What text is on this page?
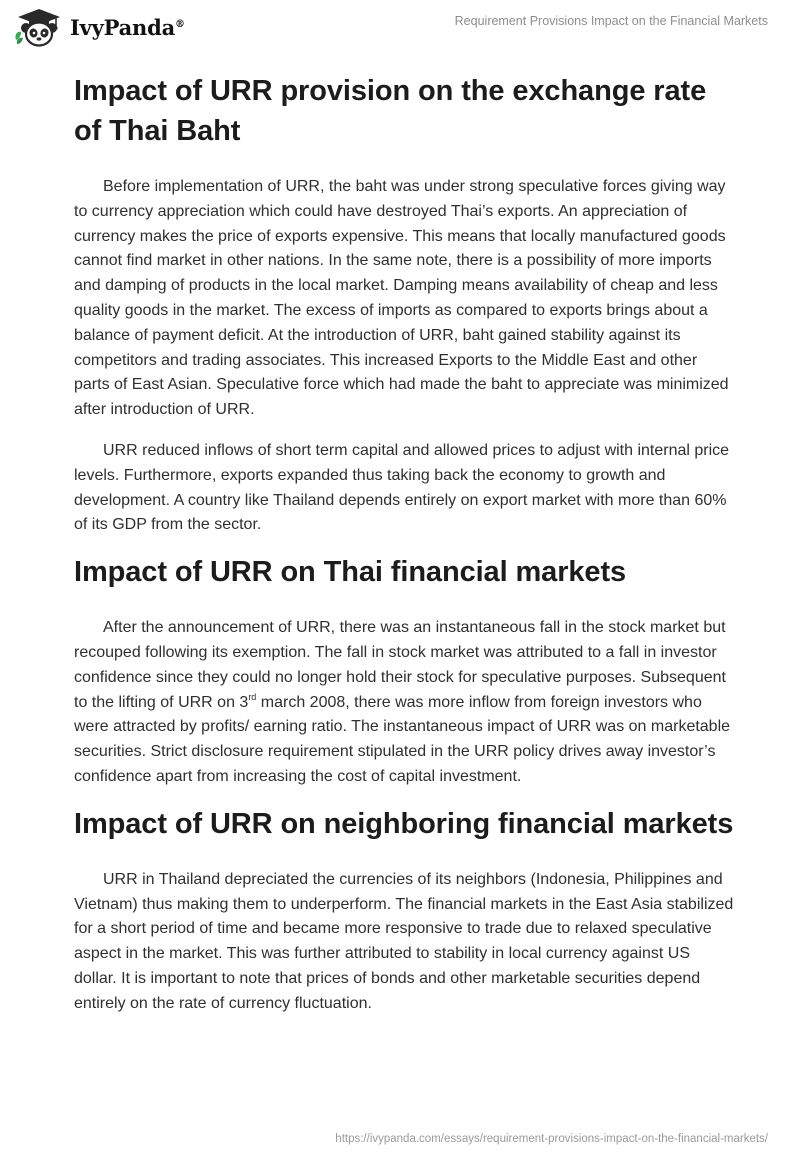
IvyPanda®	Requirement Provisions Impact on the Financial Markets
Impact of URR provision on the exchange rate of Thai Baht

Before implementation of URR, the baht was under strong speculative forces giving way to currency appreciation which could have destroyed Thai’s exports. An appreciation of currency makes the price of exports expensive. This means that locally manufactured goods cannot find market in other nations. In the same note, there is a possibility of more imports and damping of products in the local market. Damping means availability of cheap and less quality goods in the market. The excess of imports as compared to exports brings about a balance of payment deficit. At the introduction of URR, baht gained stability against its competitors and trading associates. This increased Exports to the Middle East and other parts of East Asian. Speculative force which had made the baht to appreciate was minimized after introduction of URR.

URR reduced inflows of short term capital and allowed prices to adjust with internal price levels. Furthermore, exports expanded thus taking back the economy to growth and development. A country like Thailand depends entirely on export market with more than 60% of its GDP from the sector.

Impact of URR on Thai financial markets

After the announcement of URR, there was an instantaneous fall in the stock market but recouped following its exemption. The fall in stock market was attributed to a fall in investor confidence since they could no longer hold their stock for speculative purposes. Subsequent to the lifting of URR on 3rd march 2008, there was more inflow from foreign investors who were attracted by profits/ earning ratio. The instantaneous impact of URR was on marketable securities. Strict disclosure requirement stipulated in the URR policy drives away investor’s confidence apart from increasing the cost of capital investment.

Impact of URR on neighboring financial markets

URR in Thailand depreciated the currencies of its neighbors (Indonesia, Philippines and Vietnam) thus making them to underperform. The financial markets in the East Asia stabilized for a short period of time and became more responsive to trade due to relaxed speculative aspect in the market. This was further attributed to stability in local currency against US dollar. It is important to note that prices of bonds and other marketable securities depend entirely on the rate of currency fluctuation.

https://ivypanda.com/essays/requirement-provisions-impact-on-the-financial-markets/
